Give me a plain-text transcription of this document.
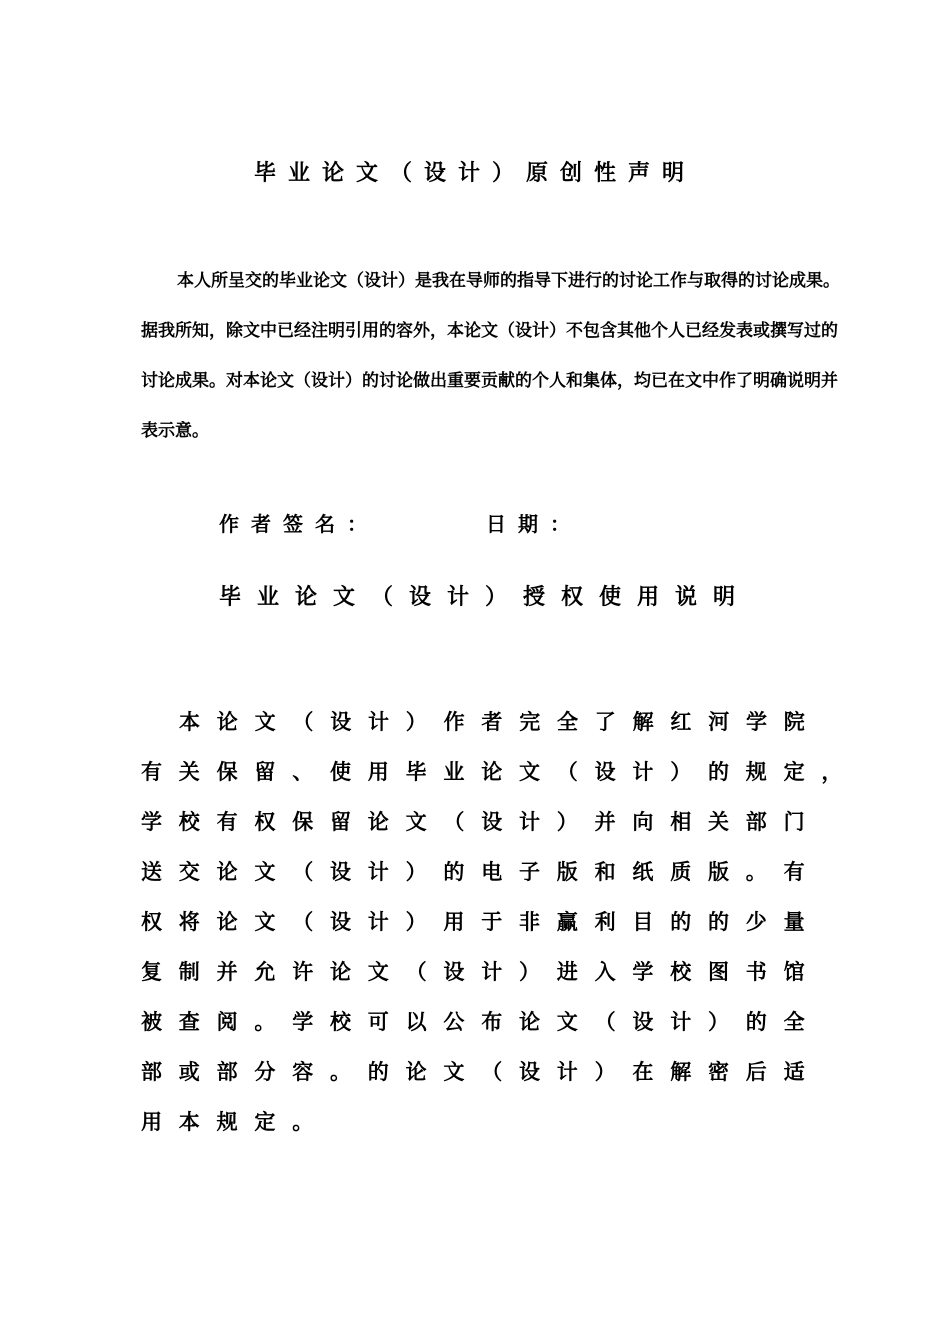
毕业论文（设计）原创性声明
本人所呈交的毕业论文（设计）是我在导师的指导下进行的讨论工作与取得的讨论成果。据我所知，除文中已经注明引用的容外，本论文（设计）不包含其他个人已经发表或撰写过的讨论成果。对本论文（设计）的讨论做出重要贡献的个人和集体，均已在文中作了明确说明并表示意。
作者签名：	日期：
毕业论文（设计）授权使用说明
本论文（设计）作者完全了解红河学院
有关保留、使用毕业论文（设计）的规定，
学校有权保留论文（设计）并向相关部门
送交论文（设计）的电子版和纸质版。有
权将论文（设计）用于非赢利目的的少量
复制并允许论文（设计）进入学校图书馆
被查阅。学校可以公布论文（设计）的全
部或部分容。的论文（设计）在解密后适
用本规定。
